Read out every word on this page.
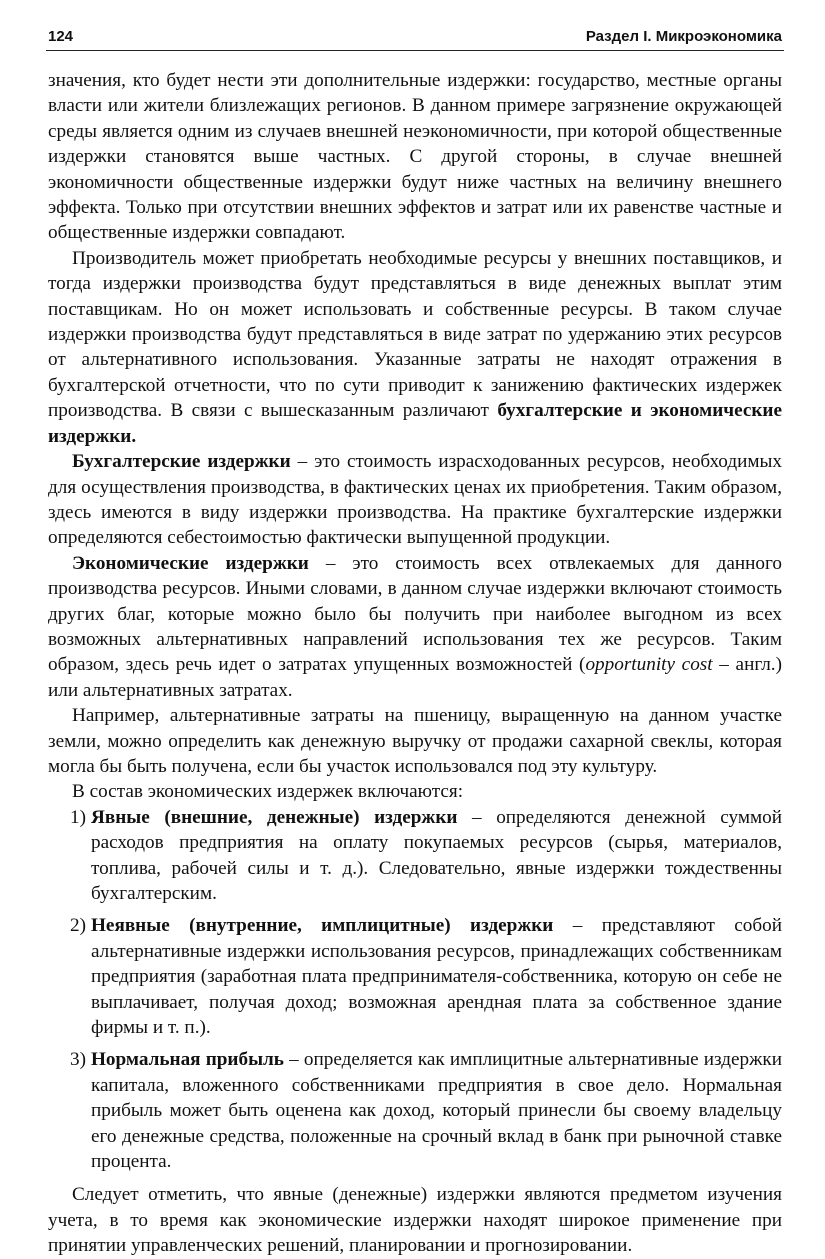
124	Раздел I. Микроэкономика

значения, кто будет нести эти дополнительные издержки: государство, местные органы власти или жители близлежащих регионов. В данном примере загрязнение окружающей среды является одним из случаев внешней неэкономичности, при которой общественные издержки становятся выше частных. С другой стороны, в случае внешней экономичности общественные издержки будут ниже частных на величину внешнего эффекта. Только при отсутствии внешних эффектов и затрат или их равенстве частные и общественные издержки совпадают.

Производитель может приобретать необходимые ресурсы у внешних поставщиков, и тогда издержки производства будут представляться в виде денежных выплат этим поставщикам. Но он может использовать и собственные ресурсы. В таком случае издержки производства будут представляться в виде затрат по удержанию этих ресурсов от альтернативного использования. Указанные затраты не находят отражения в бухгалтерской отчетности, что по сути приводит к занижению фактических издержек производства. В связи с вышесказанным различают бухгалтерские и экономические издержки.

Бухгалтерские издержки – это стоимость израсходованных ресурсов, необходимых для осуществления производства, в фактических ценах их приобретения. Таким образом, здесь имеются в виду издержки производства. На практике бухгалтерские издержки определяются себестоимостью фактически выпущенной продукции.

Экономические издержки – это стоимость всех отвлекаемых для данного производства ресурсов. Иными словами, в данном случае издержки включают стоимость других благ, которые можно было бы получить при наиболее выгодном из всех возможных альтернативных направлений использования тех же ресурсов. Таким образом, здесь речь идет о затратах упущенных возможностей (opportunity cost – англ.) или альтернативных затратах.

Например, альтернативные затраты на пшеницу, выращенную на данном участке земли, можно определить как денежную выручку от продажи сахарной свеклы, которая могла бы быть получена, если бы участок использовался под эту культуру.

В состав экономических издержек включаются:

1) Явные (внешние, денежные) издержки – определяются денежной суммой расходов предприятия на оплату покупаемых ресурсов (сырья, материалов, топлива, рабочей силы и т. д.). Следовательно, явные издержки тождественны бухгалтерским.
2) Неявные (внутренние, имплицитные) издержки – представляют собой альтернативные издержки использования ресурсов, принадлежащих собственникам предприятия (заработная плата предпринимателя-собственника, которую он себе не выплачивает, получая доход; возможная арендная плата за собственное здание фирмы и т. п.).
3) Нормальная прибыль – определяется как имплицитные альтернативные издержки капитала, вложенного собственниками предприятия в свое дело. Нормальная прибыль может быть оценена как доход, который принесли бы своему владельцу его денежные средства, положенные на срочный вклад в банк при рыночной ставке процента.

Следует отметить, что явные (денежные) издержки являются предметом изучения учета, в то время как экономические издержки находят широкое применение при принятии управленческих решений, планировании и прогнозировании.
